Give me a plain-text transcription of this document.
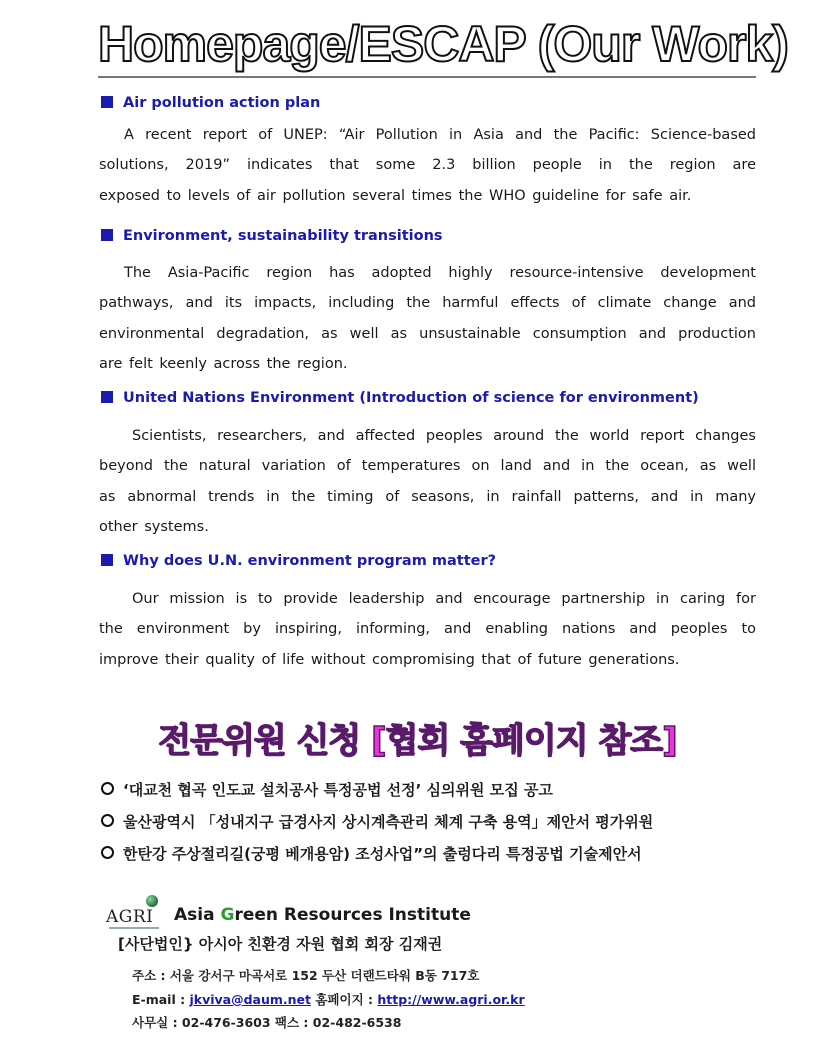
Homepage/ESCAP (Our Work)
Air pollution action plan
A recent report of UNEP: “Air Pollution in Asia and the Pacific: Science-based
solutions, 2019” indicates that some 2.3 billion people in the region are
exposed to levels of air pollution several times the WHO guideline for safe air.
Environment, sustainability transitions
The Asia-Pacific region has adopted highly resource-intensive development
pathways, and its impacts, including the harmful effects of climate change and
environmental degradation, as well as unsustainable consumption and production
are felt keenly across the region.
United Nations Environment (Introduction of science for environment)
Scientists, researchers, and affected peoples around the world report changes
beyond the natural variation of temperatures on land and in the ocean, as well
as abnormal trends in the timing of seasons, in rainfall patterns, and in many
other systems.
Why does U.N. environment program matter?
Our mission is to provide leadership and encourage partnership in caring for
the environment by inspiring, informing, and enabling nations and peoples to
improve their quality of life without compromising that of future generations.
전문위원 신청 [협회 홈페이지 참조]
‘대교천 협곡 인도교 설치공사 특정공법 선정’ 심의위원 모집 공고
울산광역시 「성내지구 급경사지 상시계측관리 체계 구축 용역」제안서 평가위원
한탄강 주상절리길(궁평 베개용암) 조성사업”의 출렁다리 특정공법 기술제안서
AGRI Asia Green Resources Institute
[사단법인} 아시아 친환경 자원 협회 회장 김재권
주소 : 서울 강서구 마곡서로 152 두산 더랜드타워 B동 717호
E-mail : jkviva@daum.net 홈페이지 : http://www.agri.or.kr
사무실 : 02-476-3603 팩스 : 02-482-6538
